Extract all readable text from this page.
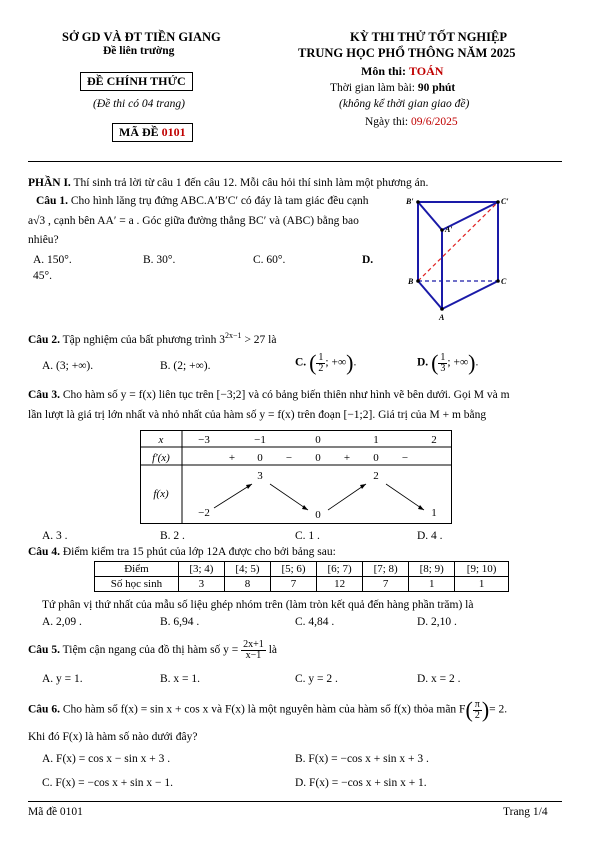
SỞ GD VÀ ĐT TIỀN GIANG
Đề liên trường
ĐỀ CHÍNH THỨC
(Đề thi có 04 trang)
MÃ ĐỀ 0101
KỲ THI THỬ TỐT NGHIỆP
TRUNG HỌC PHỔ THÔNG NĂM 2025
Môn thi: TOÁN
Thời gian làm bài: 90 phút
(không kể thời gian giao đề)
Ngày thi: 09/6/2025
PHẦN I. Thí sinh trả lời từ câu 1 đến câu 12. Mỗi câu hỏi thí sinh làm một phương án.
Câu 1. Cho hình lăng trụ đứng ABC.A′B′C′ có đáy là tam giác đều cạnh
a√3 , cạnh bên AA′ = a . Góc giữa đường thẳng BC′ và (ABC) bằng bao
nhiêu?
A. 150°.	B. 30°.	C. 60°.	D.
45°.
B′	C′
A′
B	C
A
Câu 2. Tập nghiệm của bất phương trình $3^{2x-1} > 27$ là
A. (3; +∞).	B. (2; +∞).	C. ( $\frac{1}{2}$ ; +∞).	D. ( $\frac{1}{3}$ ; +∞).
Câu 3. Cho hàm số y = f(x) liên tục trên [−3;2] và có bảng biến thiên như hình vẽ bên dưới. Gọi M và m
lần lượt là giá trị lớn nhất và nhỏ nhất của hàm số y = f(x) trên đoạn [−1;2]. Giá trị của M + m bằng
x	−3	−1	0	1	2
f′(x)	+ 0 − 0 + 0 −
f(x)
−2
3
0
2
1
A. 3 .	B. 2 .	C. 1 .	D. 4 .
Câu 4. Điểm kiểm tra 15 phút của lớp 12A được cho bởi bảng sau:
Điểm	[3; 4)	[4; 5)	[5; 6)	[6; 7)	[7; 8)	[8; 9)	[9; 10)
Số học sinh	3	8	7	12	7	1	1
Tứ phân vị thứ nhất của mẫu số liệu ghép nhóm trên (làm tròn kết quả đến hàng phần trăm) là
A. 2,09 .	B. 6,94 .	C. 4,84 .	D. 2,10 .
Câu 5. Tiệm cận ngang của đồ thị hàm số $y = \frac{2x+1}{x-1}$ là
A. y = 1.	B. x = 1.	C. y = 2 .	D. x = 2 .
Câu 6. Cho hàm số f(x) = sin x + cos x và F(x) là một nguyên hàm của hàm số f(x) thỏa mãn $F( \frac{\pi}{2}$ )= 2.
Khi đó F(x) là hàm số nào dưới đây?
A. F(x) = cos x − sin x + 3 .	B. F(x) = −cos x + sin x + 3 .
C. F(x) = −cos x + sin x − 1.	D. F(x) = −cos x + sin x + 1.
Mã đề 0101	Trang 1/4
